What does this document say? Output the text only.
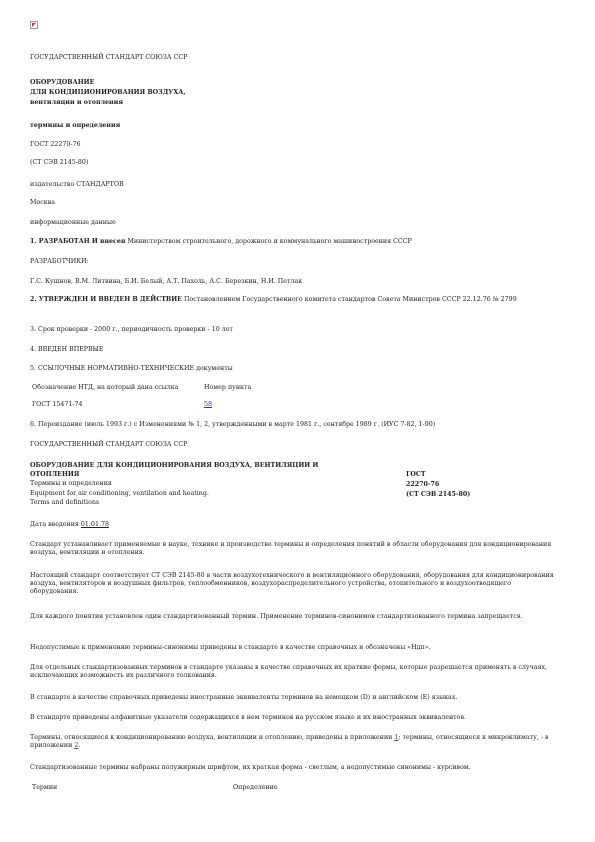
ГОСУДАРСТВЕННЫЙ СТАНДАРТ СОЮЗА ССР
ОБОРУДОВАНИЕ
ДЛЯ КОНДИЦИОНИРОВАНИЯ ВОЗДУХА,
вентиляции и отопления
термины и определения
ГОСТ 22270-76
(СТ СЭВ 2145-80)
издательство СТАНДАРТОВ
Москва
информационные данные
1. РАЗРАБОТАН И внесен Министерством строительного, дорожного и коммунального машиностроения СССР
РАЗРАБОТЧИКИ:
Г.С. Кушнов, В.М. Литвина, Б.И. Белый, А.Т. Пахоль, А.С. Березкин, Н.И. Петлак
2. УТВЕРЖДЕН И ВВЕДЕН В ДЕЙСТВИЕ Постановлением Государственного комитета стандартов Совета Министров СССР 22.12.76 № 2799
3. Срок проверки - 2000 г., периодичность проверки - 10 лет
4. ВВЕДЕН ВПЕРВЫЕ
5. ССЫЛОЧНЫЕ НОРМАТИВНО-ТЕХНИЧЕСКИЕ документы
Обозначение НТД, на который дана ссылка	Номер пункта
ГОСТ 15471-74	58
6. Переиздание (июль 1993 г.) с Изменениями № 1, 2, утвержденными в марте 1981 г., сентябре 1989 г. (ИУС 7-82, 1-90)
ГОСУДАРСТВЕННЫЙ СТАНДАРТ СОЮЗА ССР
ОБОРУДОВАНИЕ ДЛЯ КОНДИЦИОНИРОВАНИЯ ВОЗДУХА, ВЕНТИЛЯЦИИ И
ОТОПЛЕНИЯ
Термины и определения
Equipment for air conditioning, ventilation and heating.
Terms and definitions
ГОСТ
22270-76
(СТ СЭВ 2145-80)
Дата введения 01.01.78
Стандарт устанавливает применяемые в науке, технике и производстве термины и определения понятий в области оборудования для кондиционирования воздуха, вентиляции и отопления.
Настоящий стандарт соответствует СТ СЭВ 2145-80 в части воздухотехнического и вентиляционного оборудования, оборудования для кондиционирования воздуха, вентиляторов и воздушных фильтров, теплообменников, воздухораспределительного устройства, отопительного и воздухоотводящего оборудования.
Для каждого понятия установлен один стандартизованный термин. Применение терминов-синонимов стандартизованного термина запрещается.
Недопустимые к применению термины-синонимы приведены в стандарте в качестве справочных и обозначены «Ндп».
Для отдельных стандартизованных терминов в стандарте указаны в качестве справочных их краткие формы, которые разрешается применять в случаях, исключающих возможность их различного толкования.
В стандарте в качестве справочных приведены иностранные эквиваленты терминов на немецком (D) и английском (E) языках.
В стандарте приведены алфавитные указатели содержащихся в нем терминов на русском языке и их иностранных эквивалентов.
Термины, относящиеся к кондиционированию воздуха, вентиляции и отоплению, приведены в приложении 1; термины, относящиеся к микроклимату, - в приложении 2.
Стандартизованные термины набраны полужирным шрифтом, их краткая форма - светлым, а недопустимые синонимы - курсивом.
Термин	Определение
